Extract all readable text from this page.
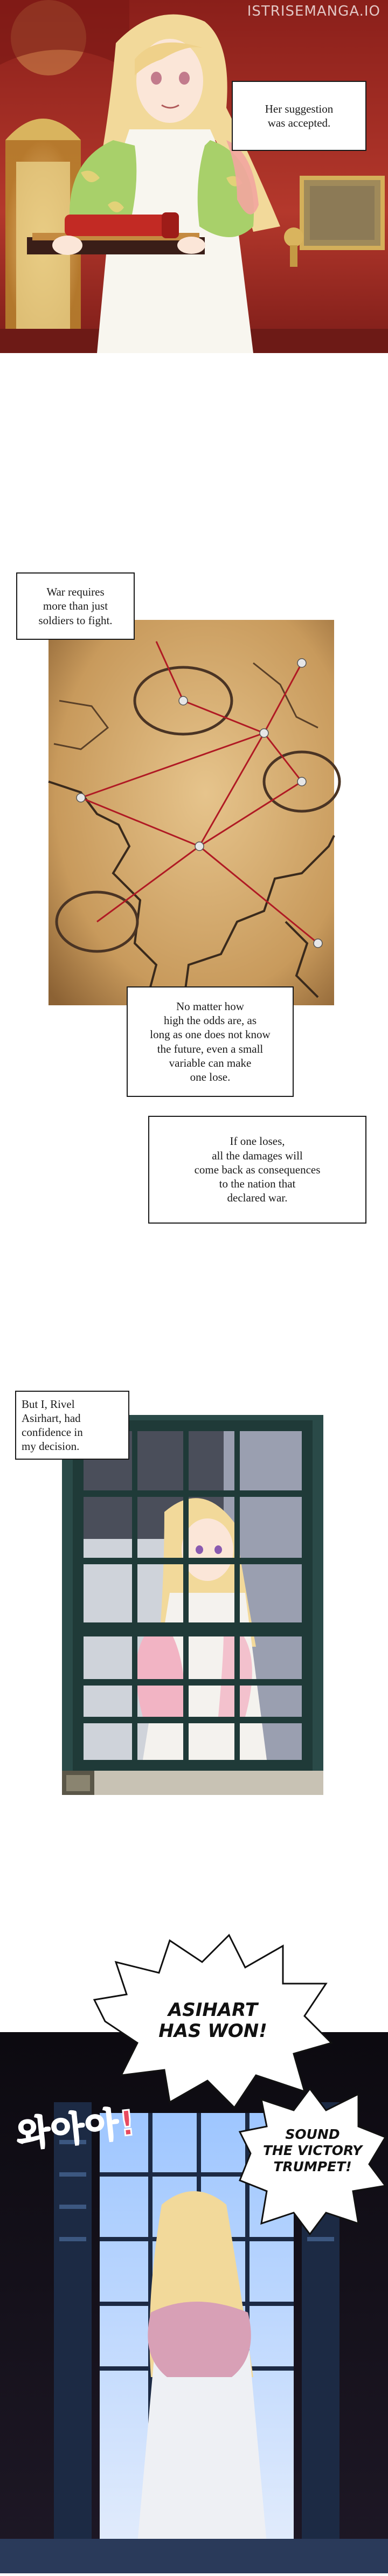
ISTRISEMANGA.IO
Her suggestion
was accepted.
War requires
more than just
soldiers to fight.
No matter how
high the odds are, as
long as one does not know
the future, even a small
variable can make
one lose.
If one loses,
all the damages will
come back as consequences
to the nation that
declared war.
But I, Rivel
Asirhart, had
confidence in
my decision.
ASIHART
HAS WON!
SOUND
THE VICTORY
TRUMPET!
와아아!
